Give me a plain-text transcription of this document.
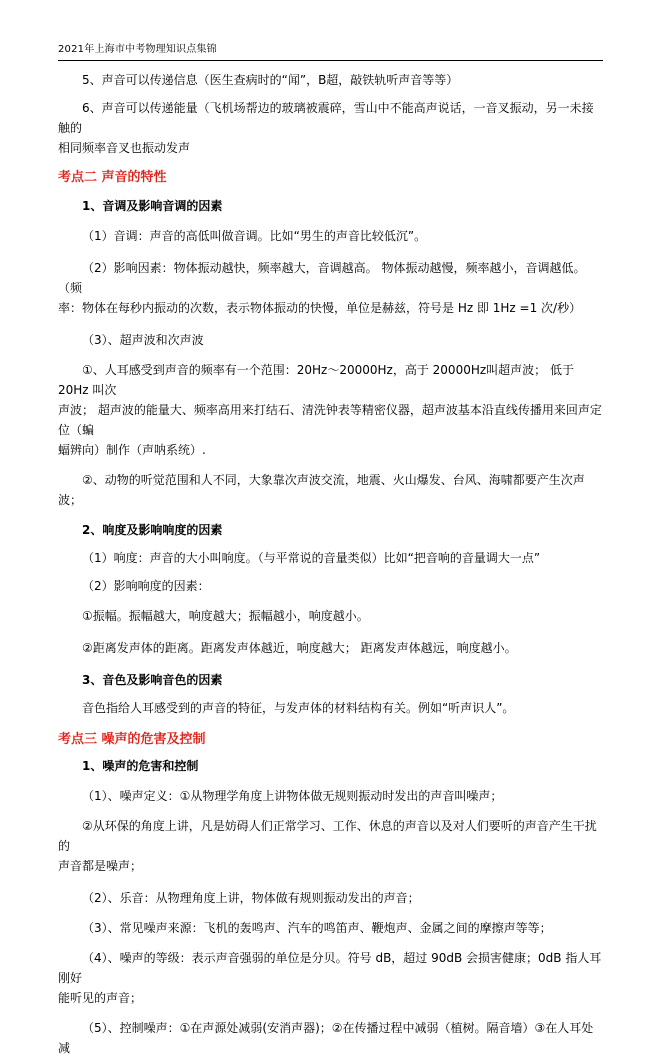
2021年上海市中考物理知识点集锦

5、声音可以传递信息（医生查病时的“闻”，B超，敲铁轨听声音等等）

6、声音可以传递能量（飞机场帮边的玻璃被震碎，雪山中不能高声说话，一音叉振动，另一未接触的

相同频率音叉也振动发声

考点二 声音的特性

1、音调及影响音调的因素

（1）音调：声音的高低叫做音调。比如“男生的声音比较低沉”。

（2）影响因素：物体振动越快，频率越大，音调越高。 物体振动越慢，频率越小，音调越低。（频

率：物体在每秒内振动的次数，表示物体振动的快慢，单位是赫兹，符号是 Hz 即 1Hz =1 次/秒）

（3）、超声波和次声波

①、人耳感受到声音的频率有一个范围：20Hz～20000Hz，高于 20000Hz叫超声波； 低于 20Hz 叫次

声波； 超声波的能量大、频率高用来打结石、清洗钟表等精密仪器，超声波基本沿直线传播用来回声定位（蝙

蝠辨向）制作（声呐系统）.

②、动物的听觉范围和人不同，大象靠次声波交流，地震、火山爆发、台风、海啸都要产生次声波；

2、响度及影响响度的因素

（1）响度：声音的大小叫响度。（与平常说的音量类似）比如“把音响的音量调大一点”

（2）影响响度的因素：

①振幅。振幅越大，响度越大；振幅越小，响度越小。

②距离发声体的距离。距离发声体越近，响度越大； 距离发声体越远，响度越小。

3、音色及影响音色的因素

音色指给人耳感受到的声音的特征，与发声体的材料结构有关。例如“听声识人”。

考点三 噪声的危害及控制

1、噪声的危害和控制

（1）、噪声定义：①从物理学角度上讲物体做无规则振动时发出的声音叫噪声；

②从环保的角度上讲，凡是妨碍人们正常学习、工作、休息的声音以及对人们要听的声音产生干扰的

声音都是噪声；

（2）、乐音：从物理角度上讲，物体做有规则振动发出的声音；

（3）、常见噪声来源：飞机的轰鸣声、汽车的鸣笛声、鞭炮声、金属之间的摩擦声等等；

（4）、噪声的等级：表示声音强弱的单位是分贝。符号 dB，超过 90dB 会损害健康；0dB 指人耳刚好

能听见的声音；

（5）、控制噪声：①在声源处减弱(安消声器)；②在传播过程中减弱（植树。隔音墙）③在人耳处减
